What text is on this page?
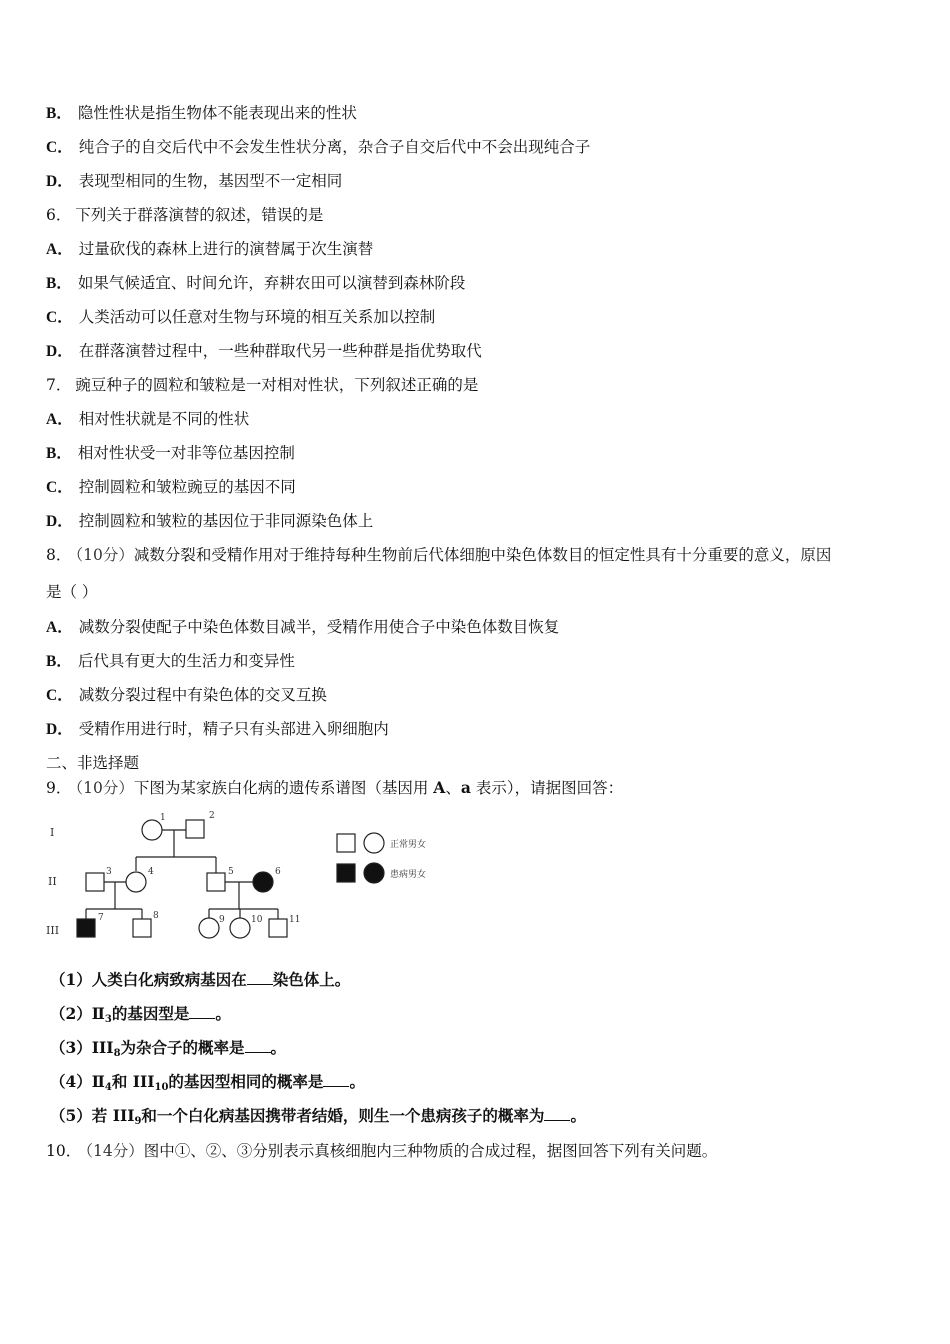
B． 隐性性状是指生物体不能表现出来的性状
C． 纯合子的自交后代中不会发生性状分离，杂合子自交后代中不会出现纯合子
D． 表现型相同的生物，基因型不一定相同
6． 下列关于群落演替的叙述，错误的是
A． 过量砍伐的森林上进行的演替属于次生演替
B． 如果气候适宜、时间允许，弃耕农田可以演替到森林阶段
C． 人类活动可以任意对生物与环境的相互关系加以控制
D． 在群落演替过程中，一些种群取代另一些种群是指优势取代
7． 豌豆种子的圆粒和皱粒是一对相对性状，下列叙述正确的是
A． 相对性状就是不同的性状
B． 相对性状受一对非等位基因控制
C． 控制圆粒和皱粒豌豆的基因不同
D． 控制圆粒和皱粒的基因位于非同源染色体上
8． （10分）减数分裂和受精作用对于维持每种生物前后代体细胞中染色体数目的恒定性具有十分重要的意义，原因
是（ ）
A． 减数分裂使配子中染色体数目减半，受精作用使合子中染色体数目恢复
B． 后代具有更大的生活力和变异性
C． 减数分裂过程中有染色体的交叉互换
D． 受精作用进行时，精子只有头部进入卵细胞内
二、非选择题
9． （10分）下图为某家族白化病的遗传系谱图（基因用 A、a 表示），请据图回答：
I
II
III
1	2
3	4	5	6
7	8	9	10	11
正常男女
患病男女
（1）人类白化病致病基因在 染色体上。
$(2)Ⅱ_3$的基因型是 。
$(3)III_8$为杂合子的概率是 。
$(4)Ⅱ_4$和 $III_{10}$的基因型相同的概率是 。
（5）若 $III_9$和一个白化病基因携带者结婚，则生一个患病孩子的概率为 。
10． （14分）图中①、②、③分别表示真核细胞内三种物质的合成过程，据图回答下列有关问题。
